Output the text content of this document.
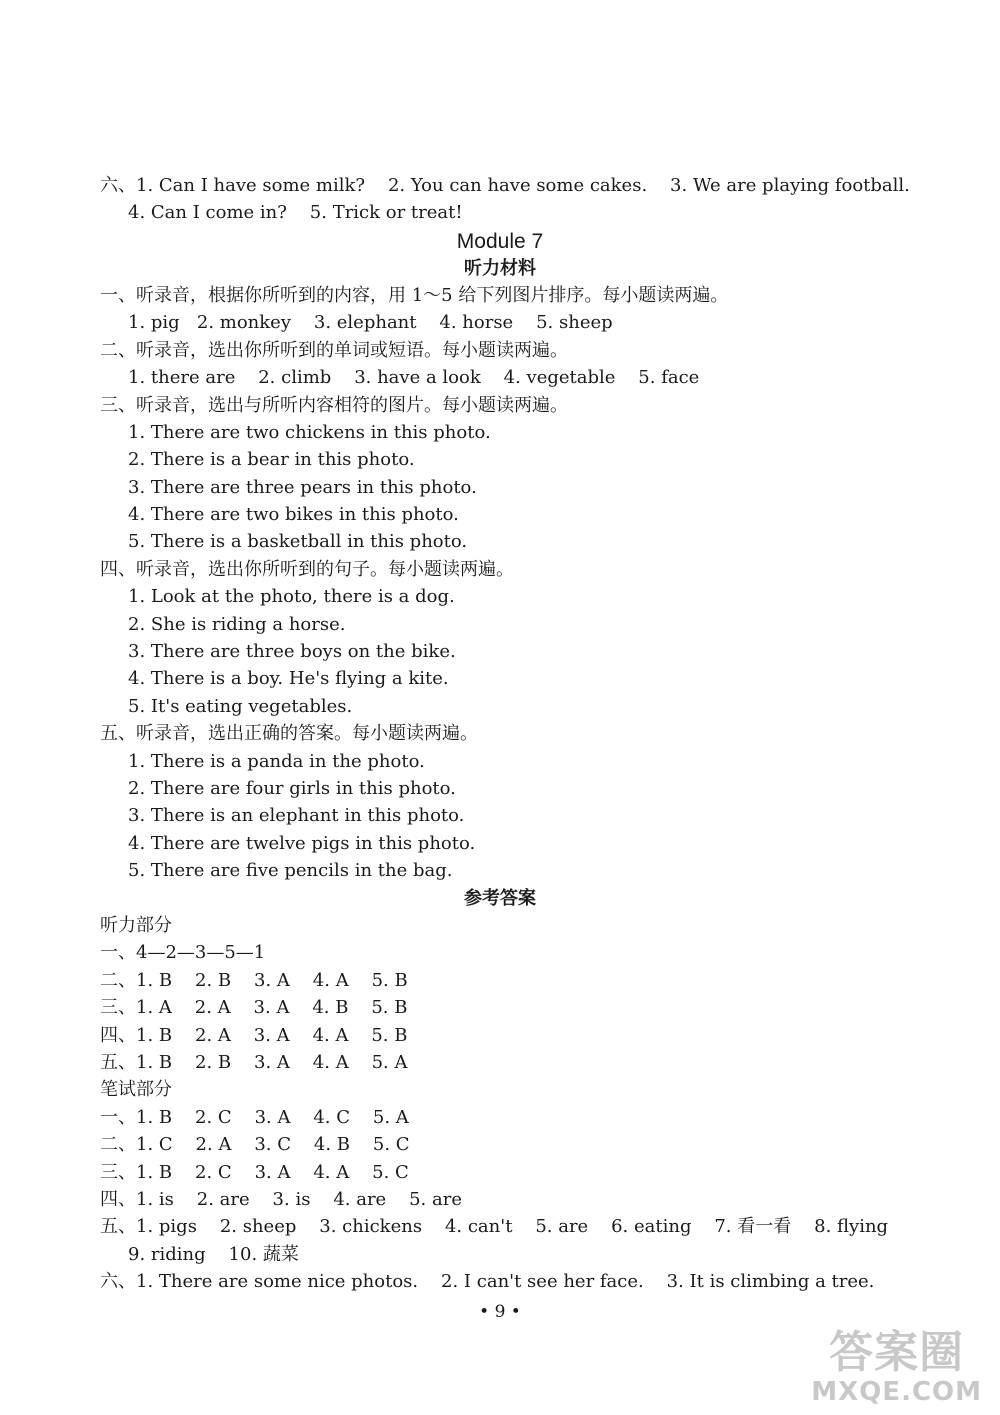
六、1. Can I have some milk?    2. You can have some cakes.    3. We are playing football.
4. Can I come in?    5. Trick or treat!
Module 7
听力材料
一、听录音，根据你所听到的内容，用 1～5 给下列图片排序。每小题读两遍。
1. pig   2. monkey    3. elephant    4. horse    5. sheep
二、听录音，选出你所听到的单词或短语。每小题读两遍。
1. there are    2. climb    3. have a look    4. vegetable    5. face
三、听录音，选出与所听内容相符的图片。每小题读两遍。
1. There are two chickens in this photo.
2. There is a bear in this photo.
3. There are three pears in this photo.
4. There are two bikes in this photo.
5. There is a basketball in this photo.
四、听录音，选出你所听到的句子。每小题读两遍。
1. Look at the photo, there is a dog.
2. She is riding a horse.
3. There are three boys on the bike.
4. There is a boy. He's flying a kite.
5. It's eating vegetables.
五、听录音，选出正确的答案。每小题读两遍。
1. There is a panda in the photo.
2. There are four girls in this photo.
3. There is an elephant in this photo.
4. There are twelve pigs in this photo.
5. There are five pencils in the bag.
参考答案
听力部分
一、4—2—3—5—1
二、1. B    2. B    3. A    4. A    5. B
三、1. A    2. A    3. A    4. B    5. B
四、1. B    2. A    3. A    4. A    5. B
五、1. B    2. B    3. A    4. A    5. A
笔试部分
一、1. B    2. C    3. A    4. C    5. A
二、1. C    2. A    3. C    4. B    5. C
三、1. B    2. C    3. A    4. A    5. C
四、1. is    2. are    3. is    4. are    5. are
五、1. pigs    2. sheep    3. chickens    4. can't    5. are    6. eating    7. 看一看    8. flying
9. riding    10. 蔬菜
六、1. There are some nice photos.    2. I can't see her face.    3. It is climbing a tree.
• 9 •
答案圈
MXQE.COM
